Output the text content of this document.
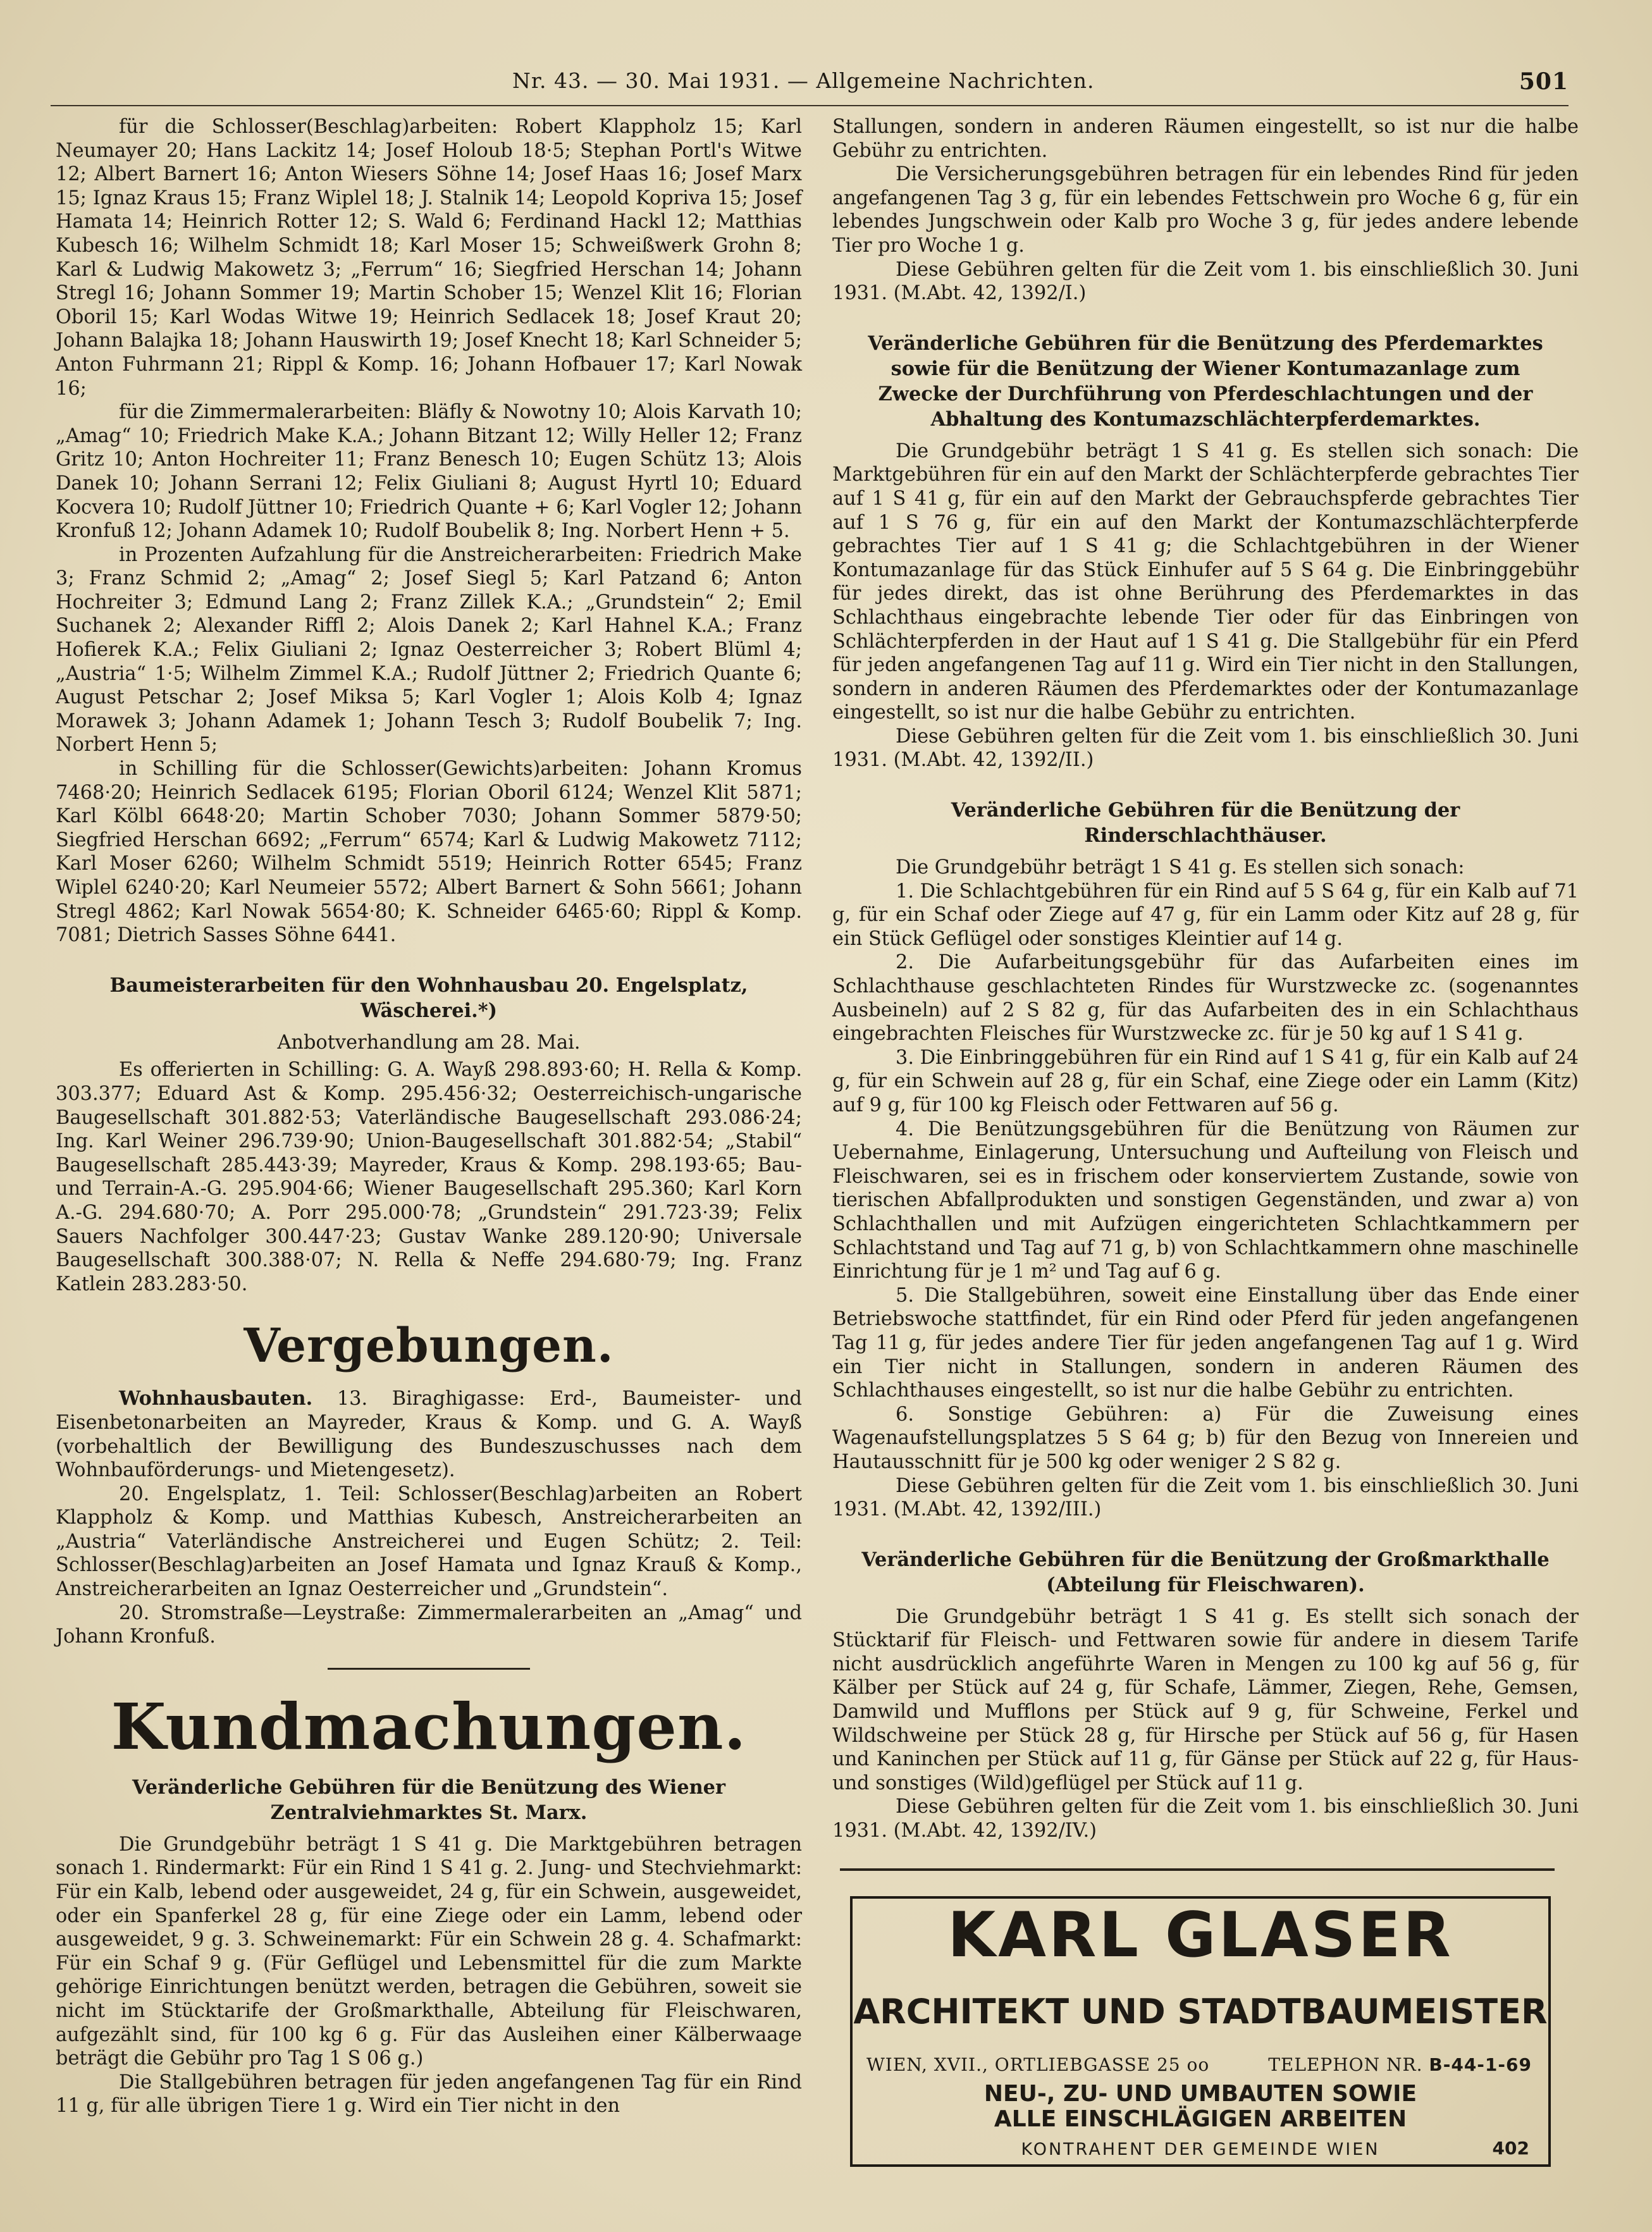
Nr. 43. — 30. Mai 1931. — Allgemeine Nachrichten.	501

für die Schlosser(Beschlag)arbeiten: Robert Klappholz 15; Karl Neumayer 20; Hans Lackitz 14; Josef Holoub 18·5; Stephan Portl's Witwe 12; Albert Barnert 16; Anton Wiesers Söhne 14; Josef Haas 16; Josef Marx 15; Ignaz Kraus 15; Franz Wiplel 18; J. Stalnik 14; Leopold Kopriva 15; Josef Hamata 14; Heinrich Rotter 12; S. Wald 6; Ferdinand Hackl 12; Matthias Kubesch 16; Wilhelm Schmidt 18; Karl Moser 15; Schweißwerk Grohn 8; Karl & Ludwig Makowetz 3; „Ferrum“ 16; Siegfried Herschan 14; Johann Stregl 16; Johann Sommer 19; Martin Schober 15; Wenzel Klit 16; Florian Oboril 15; Karl Wodas Witwe 19; Heinrich Sedlacek 18; Josef Kraut 20; Johann Balajka 18; Johann Hauswirth 19; Josef Knecht 18; Karl Schneider 5; Anton Fuhrmann 21; Rippl & Komp. 16; Johann Hofbauer 17; Karl Nowak 16;

für die Zimmermalerarbeiten: Bläfly & Nowotny 10; Alois Karvath 10; „Amag“ 10; Friedrich Make K.A.; Johann Bitzant 12; Willy Heller 12; Franz Gritz 10; Anton Hochreiter 11; Franz Benesch 10; Eugen Schütz 13; Alois Danek 10; Johann Serrani 12; Felix Giuliani 8; August Hyrtl 10; Eduard Kocvera 10; Rudolf Jüttner 10; Friedrich Quante + 6; Karl Vogler 12; Johann Kronfuß 12; Johann Adamek 10; Rudolf Boubelik 8; Ing. Norbert Henn + 5.

in Prozenten Aufzahlung für die Anstreicherarbeiten: Friedrich Make 3; Franz Schmid 2; „Amag“ 2; Josef Siegl 5; Karl Patzand 6; Anton Hochreiter 3; Edmund Lang 2; Franz Zillek K.A.; „Grundstein“ 2; Emil Suchanek 2; Alexander Riffl 2; Alois Danek 2; Karl Hahnel K.A.; Franz Hofierek K.A.; Felix Giuliani 2; Ignaz Oesterreicher 3; Robert Blüml 4; „Austria“ 1·5; Wilhelm Zimmel K.A.; Rudolf Jüttner 2; Friedrich Quante 6; August Petschar 2; Josef Miksa 5; Karl Vogler 1; Alois Kolb 4; Ignaz Morawek 3; Johann Adamek 1; Johann Tesch 3; Rudolf Boubelik 7; Ing. Norbert Henn 5;

in Schilling für die Schlosser(Gewichts)arbeiten: Johann Kromus 7468·20; Heinrich Sedlacek 6195; Florian Oboril 6124; Wenzel Klit 5871; Karl Kölbl 6648·20; Martin Schober 7030; Johann Sommer 5879·50; Siegfried Herschan 6692; „Ferrum“ 6574; Karl & Ludwig Makowetz 7112; Karl Moser 6260; Wilhelm Schmidt 5519; Heinrich Rotter 6545; Franz Wiplel 6240·20; Karl Neumeier 5572; Albert Barnert & Sohn 5661; Johann Stregl 4862; Karl Nowak 5654·80; K. Schneider 6465·60; Rippl & Komp. 7081; Dietrich Sasses Söhne 6441.

Baumeisterarbeiten für den Wohnhausbau 20. Engelsplatz, Wäscherei.*)
Anbotverhandlung am 28. Mai.

Es offerierten in Schilling: G. A. Wayß 298.893·60; H. Rella & Komp. 303.377; Eduard Ast & Komp. 295.456·32; Oesterreichisch-ungarische Baugesellschaft 301.882·53; Vaterländische Baugesellschaft 293.086·24; Ing. Karl Weiner 296.739·90; Union-Baugesellschaft 301.882·54; „Stabil“ Baugesellschaft 285.443·39; Mayreder, Kraus & Komp. 298.193·65; Bau- und Terrain-A.-G. 295.904·66; Wiener Baugesellschaft 295.360; Karl Korn A.-G. 294.680·70; A. Porr 295.000·78; „Grundstein“ 291.723·39; Felix Sauers Nachfolger 300.447·23; Gustav Wanke 289.120·90; Universale Baugesellschaft 300.388·07; N. Rella & Neffe 294.680·79; Ing. Franz Katlein 283.283·50.

Vergebungen.

Wohnhausbauten. 13. Biraghigasse: Erd-, Baumeister- und Eisenbetonarbeiten an Mayreder, Kraus & Komp. und G. A. Wayß (vorbehaltlich der Bewilligung des Bundeszuschusses nach dem Wohnbauförderungs- und Mietengesetz).

20. Engelsplatz, 1. Teil: Schlosser(Beschlag)arbeiten an Robert Klappholz & Komp. und Matthias Kubesch, Anstreicherarbeiten an „Austria“ Vaterländische Anstreicherei und Eugen Schütz; 2. Teil: Schlosser(Beschlag)arbeiten an Josef Hamata und Ignaz Krauß & Komp., Anstreicherarbeiten an Ignaz Oesterreicher und „Grundstein“.

20. Stromstraße—Leystraße: Zimmermalerarbeiten an „Amag“ und Johann Kronfuß.

Kundmachungen.
Veränderliche Gebühren für die Benützung des Wiener Zentralviehmarktes St. Marx.

Die Grundgebühr beträgt 1 S 41 g. Die Marktgebühren betragen sonach 1. Rindermarkt: Für ein Rind 1 S 41 g. 2. Jung- und Stechviehmarkt: Für ein Kalb, lebend oder ausgeweidet, 24 g, für ein Schwein, ausgeweidet, oder ein Spanferkel 28 g, für eine Ziege oder ein Lamm, lebend oder ausgeweidet, 9 g. 3. Schweinemarkt: Für ein Schwein 28 g. 4. Schafmarkt: Für ein Schaf 9 g. (Für Geflügel und Lebensmittel für die zum Markte gehörige Einrichtungen benützt werden, betragen die Gebühren, soweit sie nicht im Stücktarife der Großmarkthalle, Abteilung für Fleischwaren, aufgezählt sind, für 100 kg 6 g. Für das Ausleihen einer Kälberwaage beträgt die Gebühr pro Tag 1 S 06 g.)

Die Stallgebühren betragen für jeden angefangenen Tag für ein Rind 11 g, für alle übrigen Tiere 1 g. Wird ein Tier nicht in den

Stallungen, sondern in anderen Räumen eingestellt, so ist nur die halbe Gebühr zu entrichten.

Die Versicherungsgebühren betragen für ein lebendes Rind für jeden angefangenen Tag 3 g, für ein lebendes Fettschwein pro Woche 6 g, für ein lebendes Jungschwein oder Kalb pro Woche 3 g, für jedes andere lebende Tier pro Woche 1 g.

Diese Gebühren gelten für die Zeit vom 1. bis einschließlich 30. Juni 1931. (M.Abt. 42, 1392/I.)

Veränderliche Gebühren für die Benützung des Pferdemarktes sowie für die Benützung der Wiener Kontumazanlage zum Zwecke der Durchführung von Pferdeschlachtungen und der Abhaltung des Kontumazschlächterpferdemarktes.

Die Grundgebühr beträgt 1 S 41 g. Es stellen sich sonach: Die Marktgebühren für ein auf den Markt der Schlächterpferde gebrachtes Tier auf 1 S 41 g, für ein auf den Markt der Gebrauchspferde gebrachtes Tier auf 1 S 76 g, für ein auf den Markt der Kontumazschlächterpferde gebrachtes Tier auf 1 S 41 g; die Schlachtgebühren in der Wiener Kontumazanlage für das Stück Einhufer auf 5 S 64 g. Die Einbringgebühr für jedes direkt, das ist ohne Berührung des Pferdemarktes in das Schlachthaus eingebrachte lebende Tier oder für das Einbringen von Schlächterpferden in der Haut auf 1 S 41 g. Die Stallgebühr für ein Pferd für jeden angefangenen Tag auf 11 g. Wird ein Tier nicht in den Stallungen, sondern in anderen Räumen des Pferdemarktes oder der Kontumazanlage eingestellt, so ist nur die halbe Gebühr zu entrichten.

Diese Gebühren gelten für die Zeit vom 1. bis einschließlich 30. Juni 1931. (M.Abt. 42, 1392/II.)

Veränderliche Gebühren für die Benützung der Rinderschlachthäuser.

Die Grundgebühr beträgt 1 S 41 g. Es stellen sich sonach:

1. Die Schlachtgebühren für ein Rind auf 5 S 64 g, für ein Kalb auf 71 g, für ein Schaf oder Ziege auf 47 g, für ein Lamm oder Kitz auf 28 g, für ein Stück Geflügel oder sonstiges Kleintier auf 14 g.

2. Die Aufarbeitungsgebühr für das Aufarbeiten eines im Schlachthause geschlachteten Rindes für Wurstzwecke zc. (sogenanntes Ausbeineln) auf 2 S 82 g, für das Aufarbeiten des in ein Schlachthaus eingebrachten Fleisches für Wurstzwecke zc. für je 50 kg auf 1 S 41 g.

3. Die Einbringgebühren für ein Rind auf 1 S 41 g, für ein Kalb auf 24 g, für ein Schwein auf 28 g, für ein Schaf, eine Ziege oder ein Lamm (Kitz) auf 9 g, für 100 kg Fleisch oder Fettwaren auf 56 g.

4. Die Benützungsgebühren für die Benützung von Räumen zur Uebernahme, Einlagerung, Untersuchung und Aufteilung von Fleisch und Fleischwaren, sei es in frischem oder konserviertem Zustande, sowie von tierischen Abfallprodukten und sonstigen Gegenständen, und zwar a) von Schlachthallen und mit Aufzügen eingerichteten Schlachtkammern per Schlachtstand und Tag auf 71 g, b) von Schlachtkammern ohne maschinelle Einrichtung für je 1 m² und Tag auf 6 g.

5. Die Stallgebühren, soweit eine Einstallung über das Ende einer Betriebswoche stattfindet, für ein Rind oder Pferd für jeden angefangenen Tag 11 g, für jedes andere Tier für jeden angefangenen Tag auf 1 g. Wird ein Tier nicht in Stallungen, sondern in anderen Räumen des Schlachthauses eingestellt, so ist nur die halbe Gebühr zu entrichten.

6. Sonstige Gebühren: a) Für die Zuweisung eines Wagenaufstellungsplatzes 5 S 64 g; b) für den Bezug von Innereien und Hautausschnitt für je 500 kg oder weniger 2 S 82 g.

Diese Gebühren gelten für die Zeit vom 1. bis einschließlich 30. Juni 1931. (M.Abt. 42, 1392/III.)

Veränderliche Gebühren für die Benützung der Großmarkthalle (Abteilung für Fleischwaren).

Die Grundgebühr beträgt 1 S 41 g. Es stellt sich sonach der Stücktarif für Fleisch- und Fettwaren sowie für andere in diesem Tarife nicht ausdrücklich angeführte Waren in Mengen zu 100 kg auf 56 g, für Kälber per Stück auf 24 g, für Schafe, Lämmer, Ziegen, Rehe, Gemsen, Damwild und Mufflons per Stück auf 9 g, für Schweine, Ferkel und Wildschweine per Stück 28 g, für Hirsche per Stück auf 56 g, für Hasen und Kaninchen per Stück auf 11 g, für Gänse per Stück auf 22 g, für Haus- und sonstiges (Wild)geflügel per Stück auf 11 g.

Diese Gebühren gelten für die Zeit vom 1. bis einschließlich 30. Juni 1931. (M.Abt. 42, 1392/IV.)

KARL GLASER
ARCHITEKT UND STADTBAUMEISTER
WIEN, XVII., ORTLIEBGASSE 25 oo	TELEPHON NR. B-44-1-69
NEU-, ZU- UND UMBAUTEN SOWIE
ALLE EINSCHLÄGIGEN ARBEITEN
KONTRAHENT DER GEMEINDE WIEN	402
